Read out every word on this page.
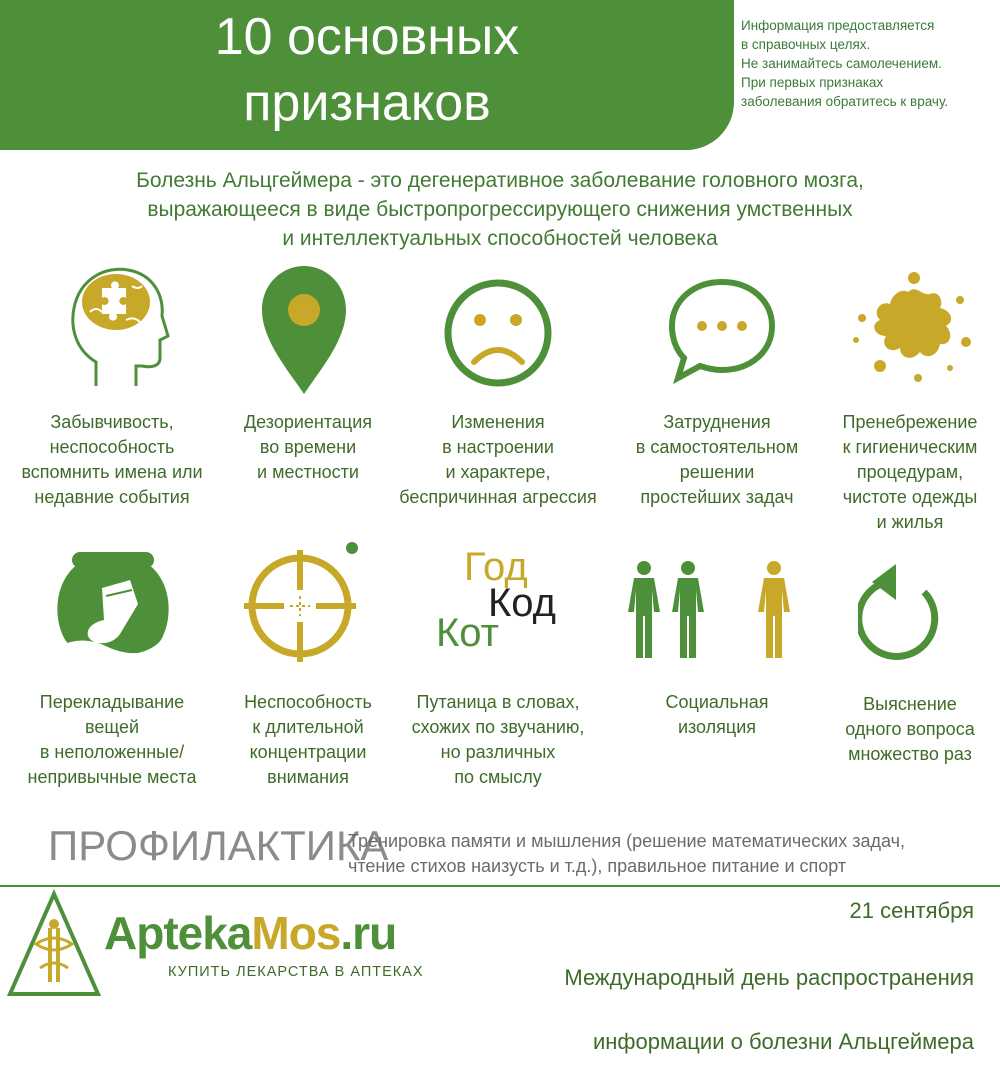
10 основных
признаков
Информация предоставляется
в справочных целях.
Не занимайтесь самолечением.
При первых признаках
заболевания обратитесь к врачу.
Болезнь Альцгеймера - это дегенеративное заболевание головного мозга,
выражающееся в виде быстропрогрессирующего снижения умственных
и интеллектуальных способностей человека
Забывчивость,
неспособность
вспомнить имена или
недавние события
Дезориентация
во времени
и местности
Изменения
в настроении
и характере,
беспричинная агрессия
Затруднения
в самостоятельном
решении
простейших задач
Пренебрежение
к гигиеническим
процедурам,
чистоте одежды
и жилья
Год
Код
Кот
Перекладывание
вещей
в неположенные/
непривычные места
Неспособность
к длительной
концентрации
внимания
Путаница в словах,
схожих по звучанию,
но различных
по смыслу
Социальная
изоляция
Выяснение
одного вопроса
множество раз
ПРОФИЛАКТИКА
Тренировка памяти и мышления (решение математических задач,
чтение стихов наизусть и т.д.), правильное питание и спорт
AptekaMos.ru
КУПИТЬ ЛЕКАРСТВА В АПТЕКАХ
21 сентября

Международный день распространения

информации о болезни Альцгеймера
